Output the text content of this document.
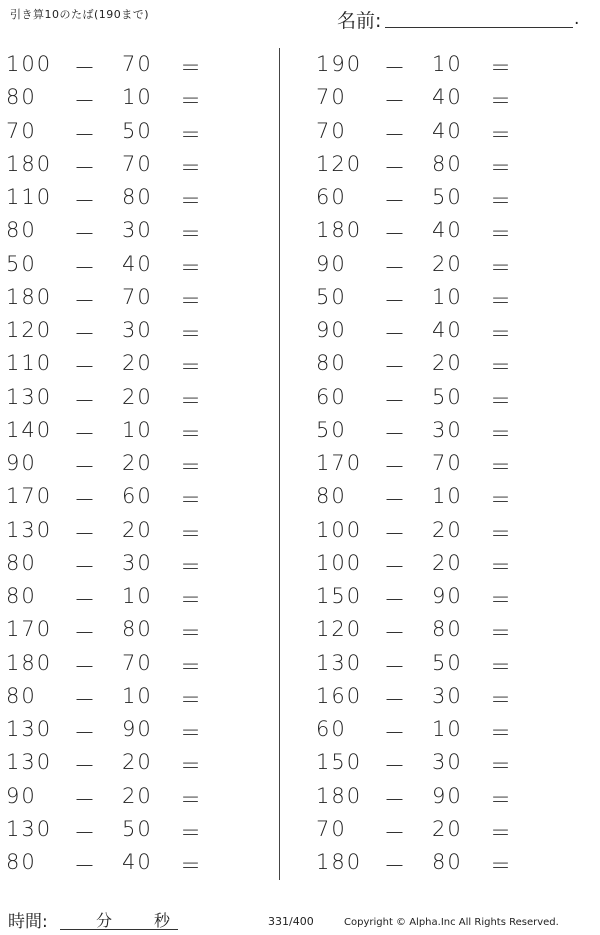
引き算10のたば(190まで)	名前:	.
100	－ 70 ＝
80	－ 10 ＝
70	－ 50 ＝
180	－ 70 ＝
110	－ 80 ＝
80	－ 30 ＝
50	－ 40 ＝
180	－ 70 ＝
120	－ 30 ＝
110	－ 20 ＝
130	－ 20 ＝
140	－ 10 ＝
90	－ 20 ＝
170	－ 60 ＝
130	－ 20 ＝
80	－ 30 ＝
80	－ 10 ＝
170	－ 80 ＝
180	－ 70 ＝
80	－ 10 ＝
130	－ 90 ＝
130	－ 20 ＝
90	－ 20 ＝
130	－ 50 ＝
80	－ 40 ＝
190	－ 10 ＝
70	－ 40 ＝
70	－ 40 ＝
120	－ 80 ＝
60	－ 50 ＝
180	－ 40 ＝
90	－ 20 ＝
50	－ 10 ＝
90	－ 40 ＝
80	－ 20 ＝
60	－ 50 ＝
50	－ 30 ＝
170	－ 70 ＝
80	－ 10 ＝
100	－ 20 ＝
100	－ 20 ＝
150	－ 90 ＝
120	－ 80 ＝
130	－ 50 ＝
160	－ 30 ＝
60	－ 10 ＝
150	－ 30 ＝
180	－ 90 ＝
70	－ 20 ＝
180	－ 80 ＝
時間:	分	秒	331/400	Copyright © Alpha.Inc All Rights Reserved.
